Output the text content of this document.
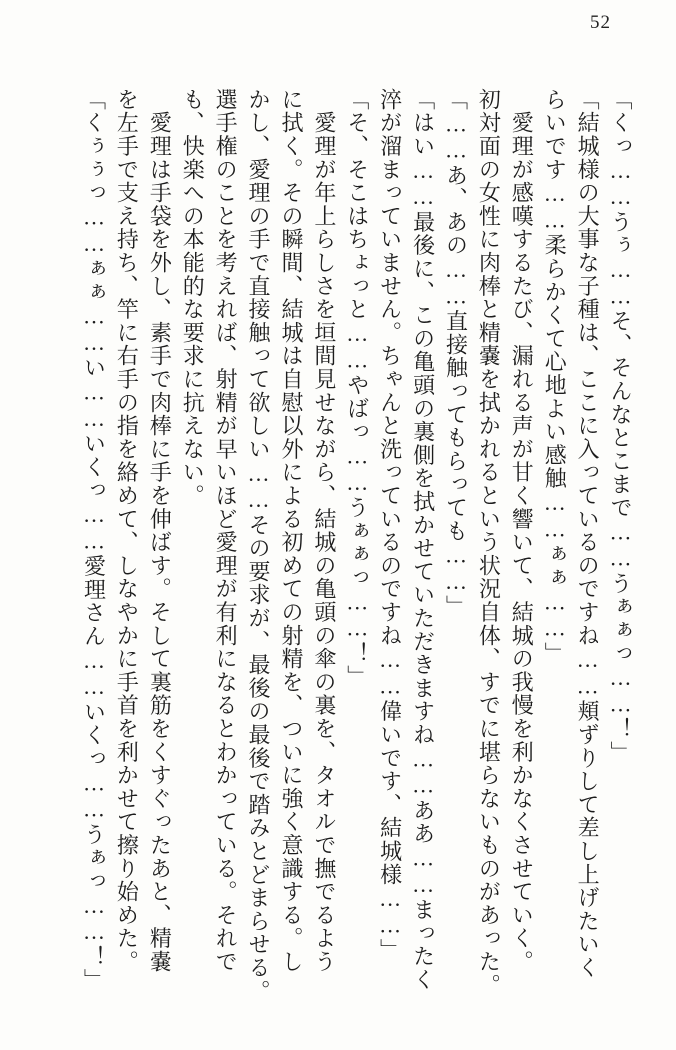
52

「くっ……うぅ……そ、そんなとこまで……うぁぁっ……！」

「結城様の大事な子種は、ここに入っているのですね……頬ずりして差し上げたいく

らいです……柔らかくて心地よい感触……ぁぁ……」

　愛理が感嘆するたび、漏れる声が甘く響いて、結城の我慢を利かなくさせていく。

初対面の女性に肉棒と精嚢を拭かれるという状況自体、すでに堪らないものがあった。

「……あ、あの……直接触ってもらっても……」

「はい……最後に、この亀頭の裏側を拭かせていただきますね……ああ……まったく

淬が溜まっていません。ちゃんと洗っているのですね……偉いです、結城様……」

「そ、そこはちょっと……やばっ……うぁぁっ……！」

　愛理が年上らしさを垣間見せながら、結城の亀頭の傘の裏を、タオルで撫でるよう

に拭く。その瞬間、結城は自慰以外による初めての射精を、ついに強く意識する。し

かし、愛理の手で直接触って欲しい……その要求が、最後の最後で踏みとどまらせる。

選手権のことを考えれば、射精が早いほど愛理が有利になるとわかっている。それで

も、快楽への本能的な要求に抗えない。

　愛理は手袋を外し、素手で肉棒に手を伸ばす。そして裏筋をくすぐったあと、精嚢

を左手で支え持ち、竿に右手の指を絡めて、しなやかに手首を利かせて擦り始めた。

「くぅぅっ……ぁぁ……い……いくっ……愛理さん……いくっ……うぁっ……！」
